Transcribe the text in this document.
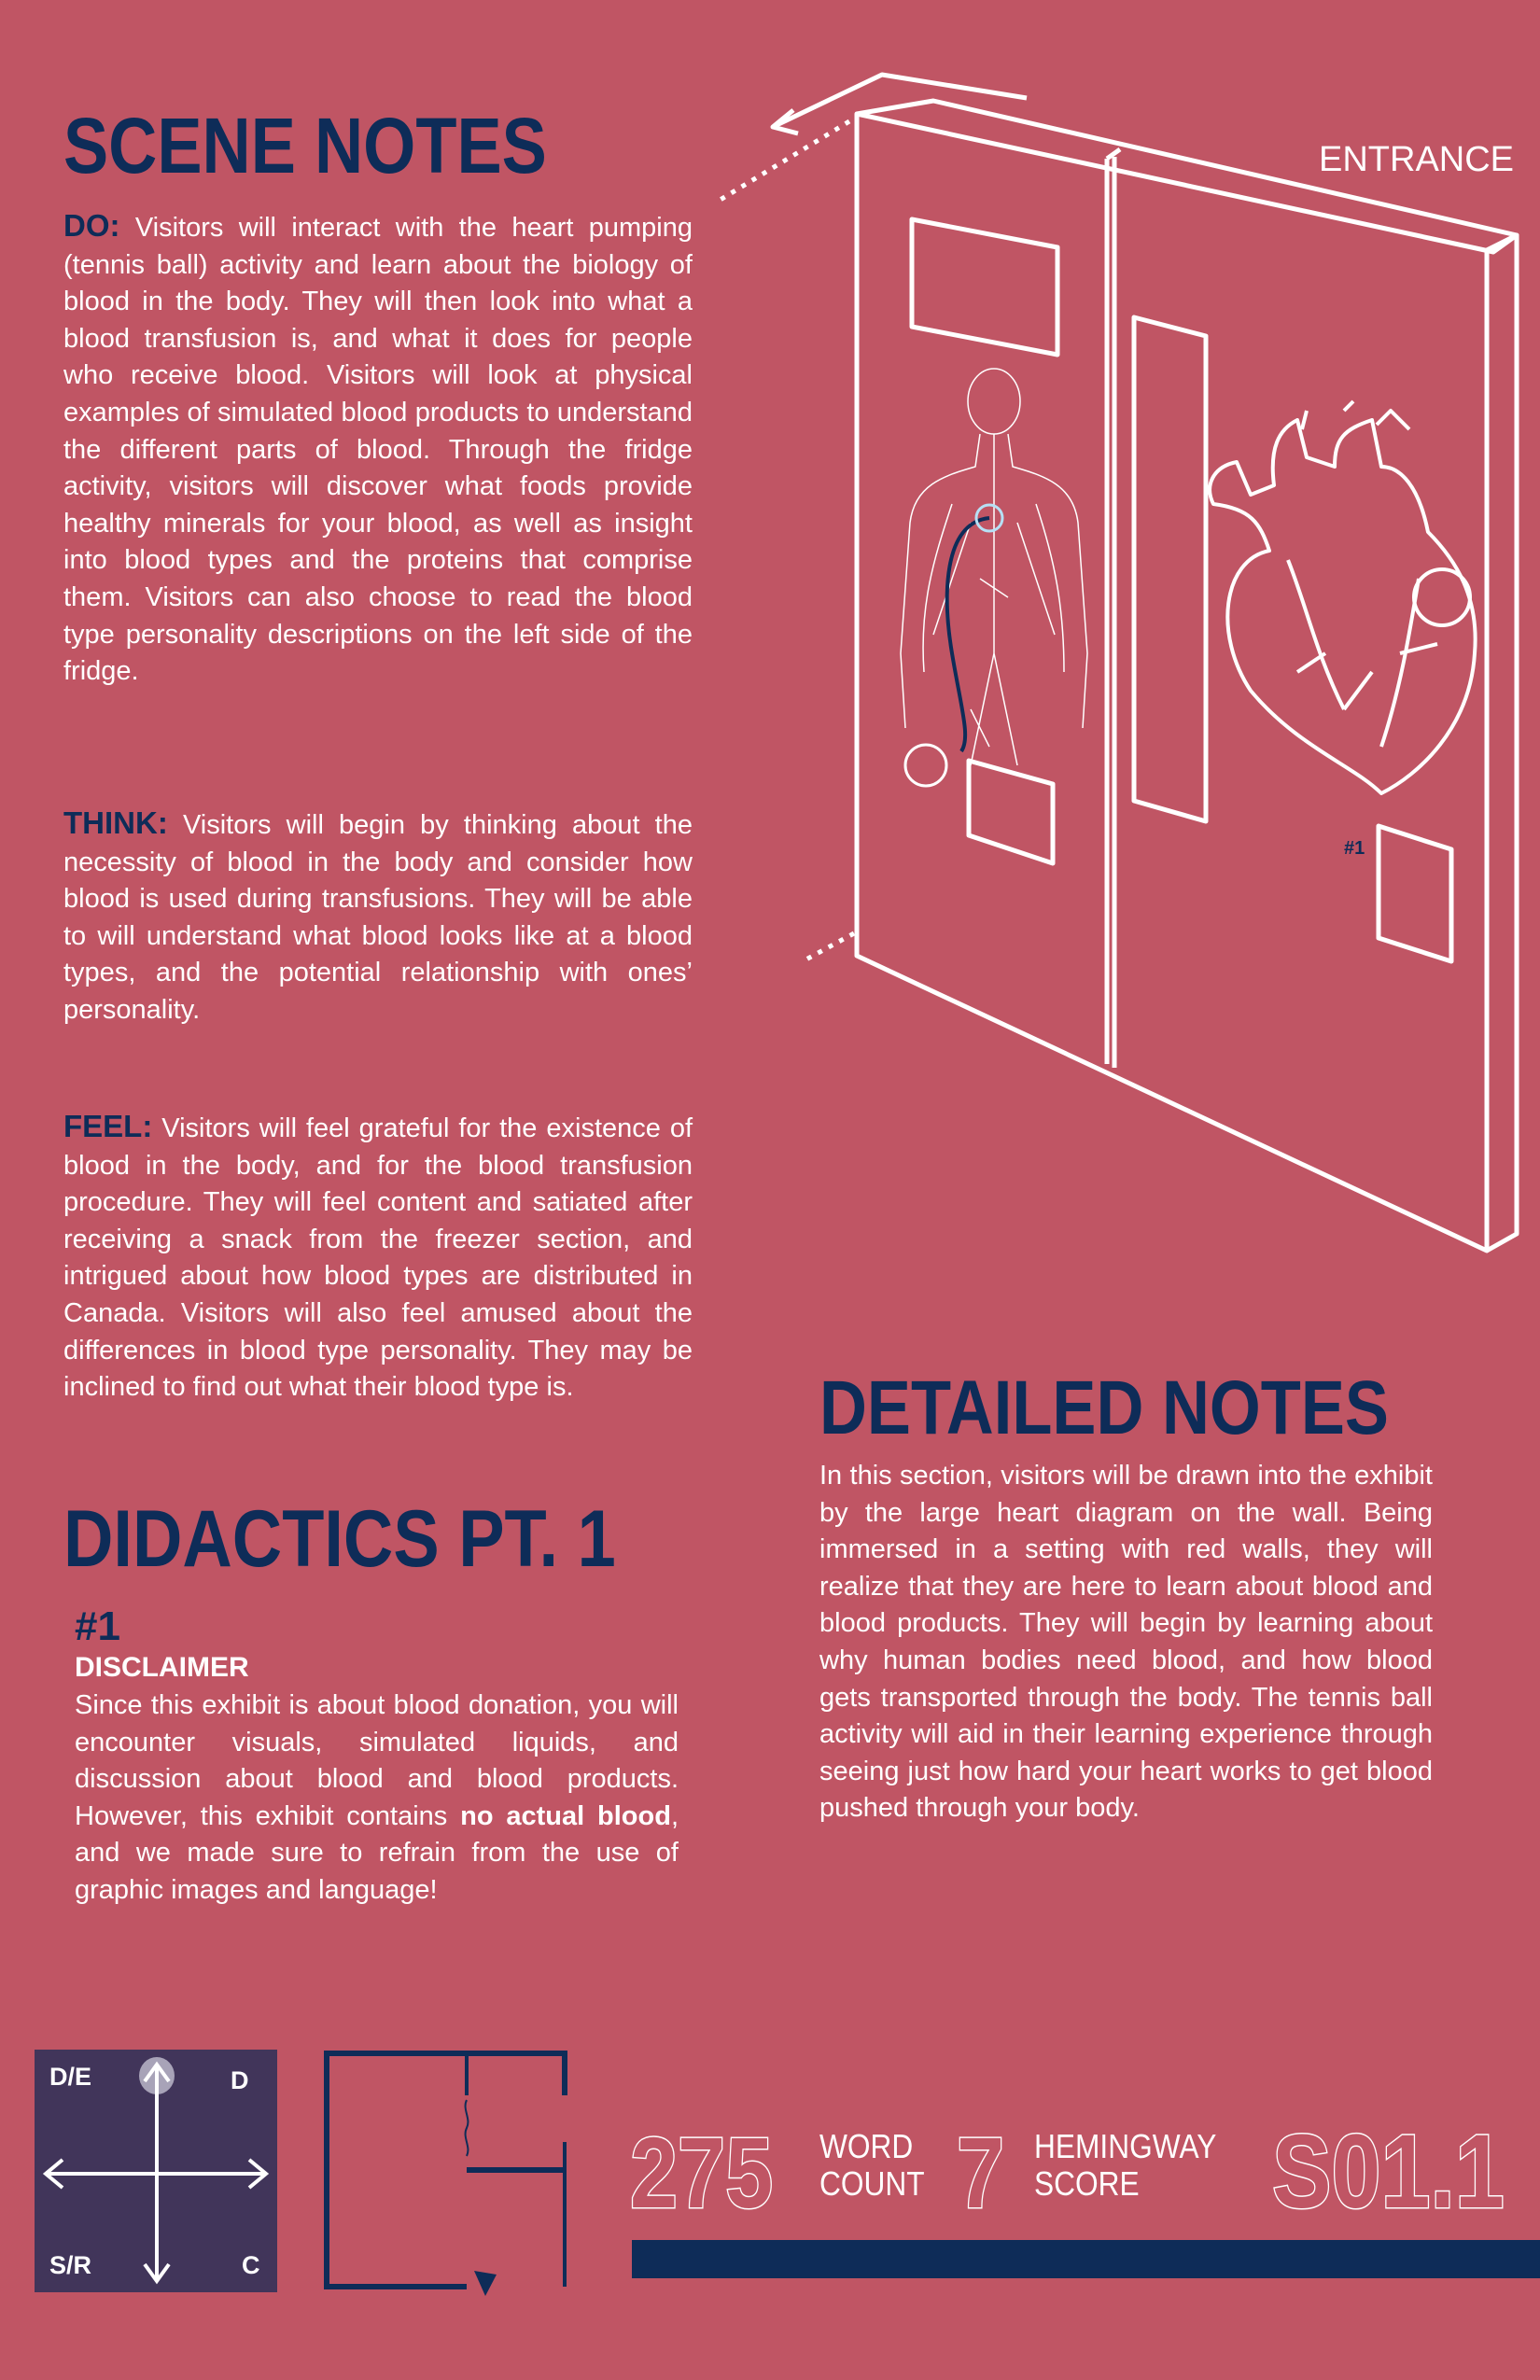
SCENE NOTES
DO: Visitors will interact with the heart pumping (tennis ball) activity and learn about the biology of blood in the body. They will then look into what a blood transfusion is, and what it does for people who receive blood. Visitors will look at physical examples of simulated blood products to understand the different parts of blood. Through the fridge activity, visitors will discover what foods provide healthy minerals for your blood, as well as insight into blood types and the proteins that comprise them. Visitors can also choose to read the blood type personality descriptions on the left side of the fridge.
THINK: Visitors will begin by thinking about the necessity of blood in the body and consider how blood is used during transfusions. They will be able to will understand what blood looks like at a blood types, and the potential relationship with ones’ personality.
FEEL: Visitors will feel grateful for the existence of blood in the body, and for the blood transfusion procedure. They will feel content and satiated after receiving a snack from the freezer section, and intrigued about how blood types are distributed in Canada. Visitors will also feel amused about the differences in blood type personality. They may be inclined to find out what their blood type is.
DIDACTICS PT. 1
#1
DISCLAIMER
Since this exhibit is about blood donation, you will encounter visuals, simulated liquids, and discussion about blood and blood products. However, this exhibit contains no actual blood, and we made sure to refrain from the use of graphic images and language!
DETAILED NOTES
In this section, visitors will be drawn into the exhibit by the large heart diagram on the wall. Being immersed in a setting with red walls, they will realize that they are here to learn about blood and blood products. They will begin by learning about why human bodies need blood, and how blood gets transported through the body. The tennis ball activity will aid in their learning experience through seeing just how hard your heart works to get blood pushed through your body.
ENTRANCE
#1
D/E	D
S/R	C
275 WORD
COUNT 7 HEMINGWAY
SCORE	S01.1
